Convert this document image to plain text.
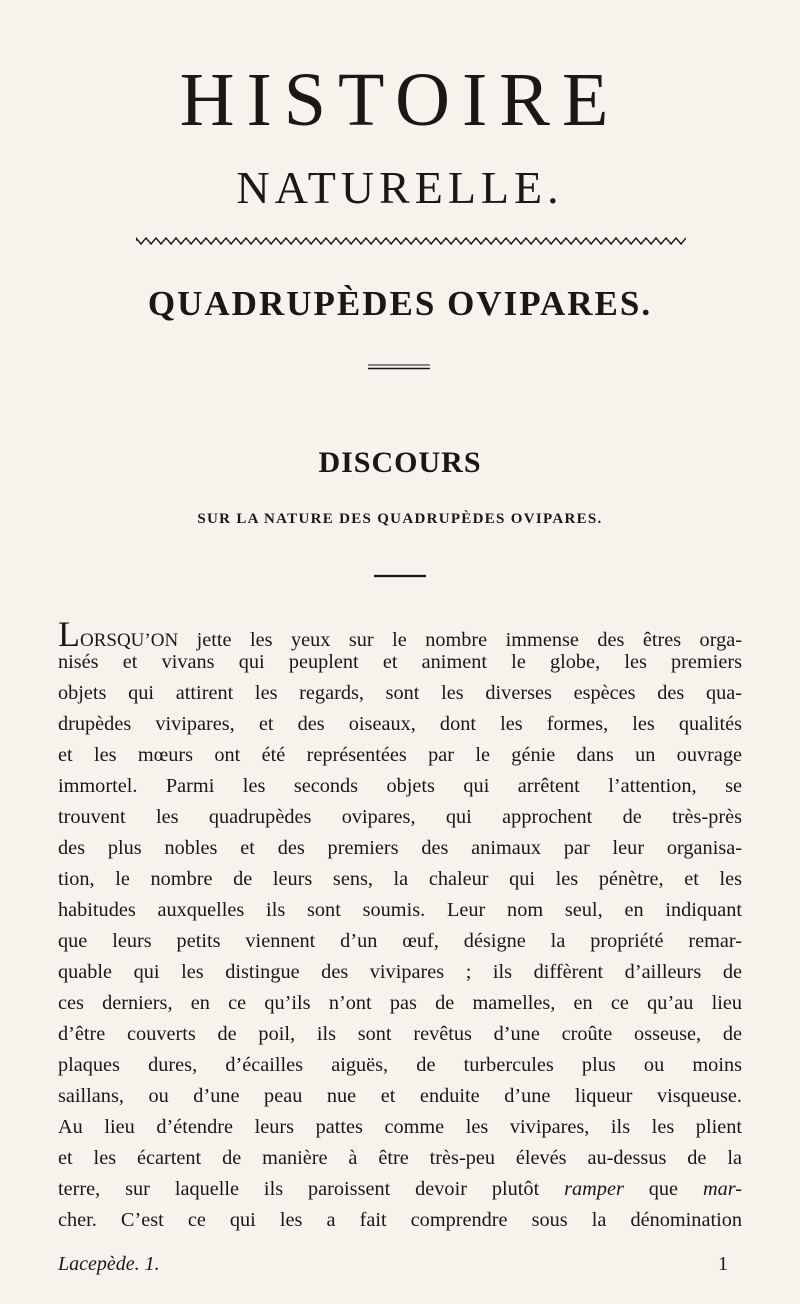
HISTOIRE
NATURELLE.
QUADRUPÈDES OVIPARES.
DISCOURS
SUR LA NATURE DES QUADRUPÈDES OVIPARES.
LORSQU’ON jette les yeux sur le nombre immense des êtres orga-
nisés et vivans qui peuplent et animent le globe, les premiers
objets qui attirent les regards, sont les diverses espèces des qua-
drupèdes vivipares, et des oiseaux, dont les formes, les qualités
et les mœurs ont été représentées par le génie dans un ouvrage
immortel. Parmi les seconds objets qui arrêtent l’attention, se
trouvent les quadrupèdes ovipares, qui approchent de très-près
des plus nobles et des premiers des animaux par leur organisa-
tion, le nombre de leurs sens, la chaleur qui les pénètre, et les
habitudes auxquelles ils sont soumis. Leur nom seul, en indiquant
que leurs petits viennent d’un œuf, désigne la propriété remar-
quable qui les distingue des vivipares ; ils diffèrent d’ailleurs de
ces derniers, en ce qu’ils n’ont pas de mamelles, en ce qu’au lieu
d’être couverts de poil, ils sont revêtus d’une croûte osseuse, de
plaques dures, d’écailles aiguës, de turbercules plus ou moins
saillans, ou d’une peau nue et enduite d’une liqueur visqueuse.
Au lieu d’étendre leurs pattes comme les vivipares, ils les plient
et les écartent de manière à être très-peu élevés au-dessus de la
terre, sur laquelle ils paroissent devoir plutôt ramper que mar-
cher. C’est ce qui les a fait comprendre sous la dénomination
Lacepède. 1.	1
